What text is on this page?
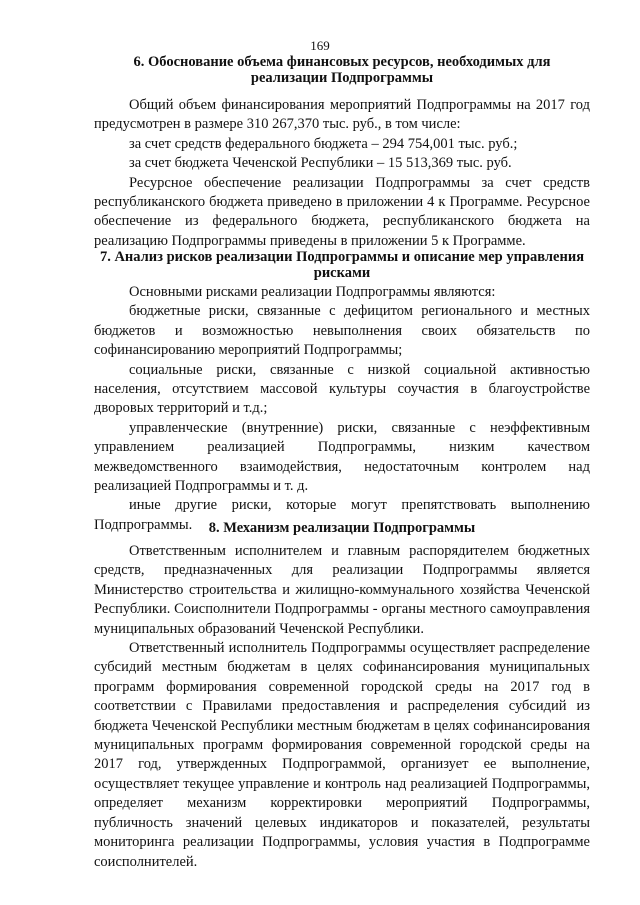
169
6. Обоснование объема финансовых ресурсов, необходимых для реализации Подпрограммы

Общий объем финансирования мероприятий Подпрограммы на 2017 год предусмотрен в размере 310 267,370 тыс. руб., в том числе:

за счет средств федерального бюджета – 294 754,001 тыс. руб.;

за счет бюджета Чеченской Республики – 15 513,369 тыс. руб.

Ресурсное обеспечение реализации Подпрограммы за счет средств республиканского бюджета приведено в приложении 4 к Программе. Ресурсное обеспечение из федерального бюджета, республиканского бюджета на реализацию Подпрограммы приведены в приложении 5 к Программе.

7. Анализ рисков реализации Подпрограммы и описание мер управления рисками

Основными рисками реализации Подпрограммы являются:

бюджетные риски, связанные с дефицитом регионального и местных бюджетов и возможностью невыполнения своих обязательств по софинансированию мероприятий Подпрограммы;

социальные риски, связанные с низкой социальной активностью населения, отсутствием массовой культуры соучастия в благоустройстве дворовых территорий и т.д.;

управленческие (внутренние) риски, связанные с неэффективным управлением реализацией Подпрограммы, низким качеством межведомственного взаимодействия, недостаточным контролем над реализацией Подпрограммы и т. д.

иные другие риски, которые могут препятствовать выполнению Подпрограммы.	8. Механизм реализации Подпрограммы

Ответственным исполнителем и главным распорядителем бюджетных средств, предназначенных для реализации Подпрограммы является Министерство строительства и жилищно-коммунального хозяйства Чеченской Республики. Соисполнители Подпрограммы - органы местного самоуправления муниципальных образований Чеченской Республики.

Ответственный исполнитель Подпрограммы осуществляет распределение субсидий местным бюджетам в целях софинансирования муниципальных программ формирования современной городской среды на 2017 год в соответствии с Правилами предоставления и распределения субсидий из бюджета Чеченской Республики местным бюджетам в целях софинансирования муниципальных программ формирования современной городской среды на 2017 год, утвержденных Подпрограммой, организует ее выполнение, осуществляет текущее управление и контроль над реализацией Подпрограммы, определяет механизм корректировки мероприятий Подпрограммы, публичность значений целевых индикаторов и показателей, результаты мониторинга реализации Подпрограммы, условия участия в Подпрограмме соисполнителей.
